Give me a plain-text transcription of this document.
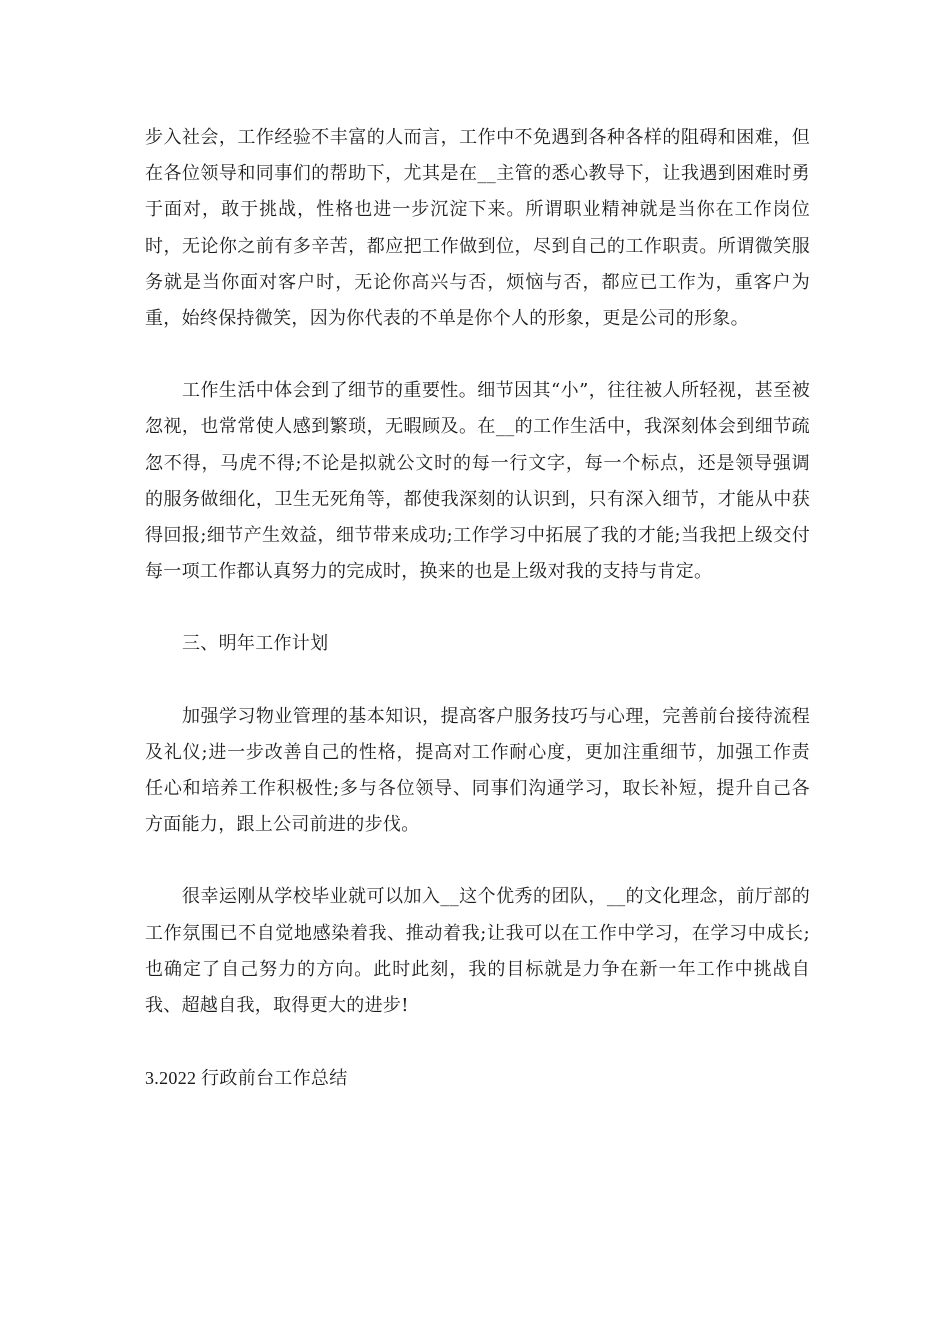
步入社会，工作经验不丰富的人而言，工作中不免遇到各种各样的阻碍和困难，但在各位领导和同事们的帮助下，尤其是在__主管的悉心教导下，让我遇到困难时勇于面对，敢于挑战，性格也进一步沉淀下来。所谓职业精神就是当你在工作岗位时，无论你之前有多辛苦，都应把工作做到位，尽到自己的工作职责。所谓微笑服务就是当你面对客户时，无论你高兴与否，烦恼与否，都应已工作为，重客户为重，始终保持微笑，因为你代表的不单是你个人的形象，更是公司的形象。

工作生活中体会到了细节的重要性。细节因其“小”，往往被人所轻视，甚至被忽视，也常常使人感到繁琐，无暇顾及。在__的工作生活中，我深刻体会到细节疏忽不得，马虎不得;不论是拟就公文时的每一行文字，每一个标点，还是领导强调的服务做细化，卫生无死角等，都使我深刻的认识到，只有深入细节，才能从中获得回报;细节产生效益，细节带来成功;工作学习中拓展了我的才能;当我把上级交付每一项工作都认真努力的完成时，换来的也是上级对我的支持与肯定。

三、明年工作计划

加强学习物业管理的基本知识，提高客户服务技巧与心理，完善前台接待流程及礼仪;进一步改善自己的性格，提高对工作耐心度，更加注重细节，加强工作责任心和培养工作积极性;多与各位领导、同事们沟通学习，取长补短，提升自己各方面能力，跟上公司前进的步伐。

很幸运刚从学校毕业就可以加入__这个优秀的团队，__的文化理念，前厅部的工作氛围已不自觉地感染着我、推动着我;让我可以在工作中学习，在学习中成长;也确定了自己努力的方向。此时此刻，我的目标就是力争在新一年工作中挑战自我、超越自我，取得更大的进步!

3.2022 行政前台工作总结
